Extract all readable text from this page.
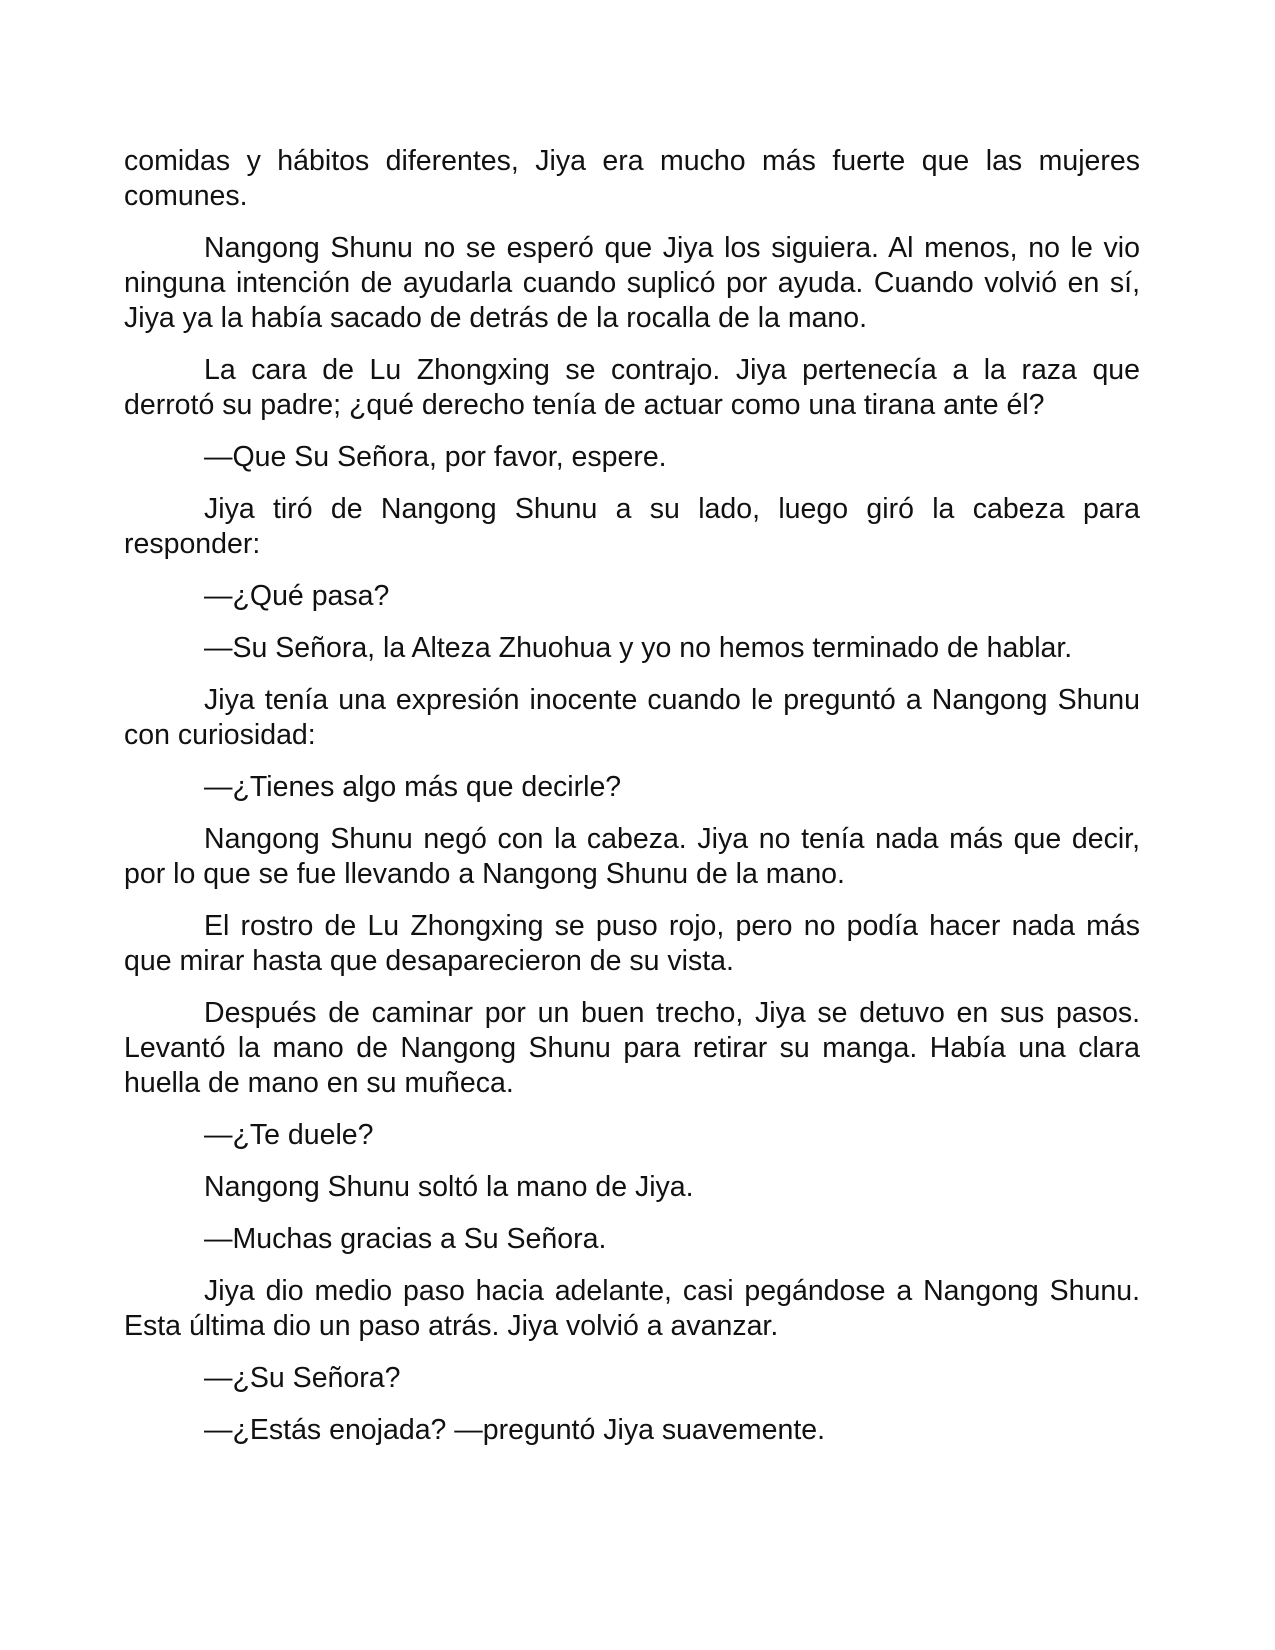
comidas y hábitos diferentes, Jiya era mucho más fuerte que las mujeres comunes.

Nangong Shunu no se esperó que Jiya los siguiera. Al menos, no le vio ninguna intención de ayudarla cuando suplicó por ayuda. Cuando volvió en sí, Jiya ya la había sacado de detrás de la rocalla de la mano.

La cara de Lu Zhongxing se contrajo. Jiya pertenecía a la raza que derrotó su padre; ¿qué derecho tenía de actuar como una tirana ante él?

—Que Su Señora, por favor, espere.

Jiya tiró de Nangong Shunu a su lado, luego giró la cabeza para responder:

—¿Qué pasa?

—Su Señora, la Alteza Zhuohua y yo no hemos terminado de hablar.

Jiya tenía una expresión inocente cuando le preguntó a Nangong Shunu con curiosidad:

—¿Tienes algo más que decirle?

Nangong Shunu negó con la cabeza. Jiya no tenía nada más que decir, por lo que se fue llevando a Nangong Shunu de la mano.

El rostro de Lu Zhongxing se puso rojo, pero no podía hacer nada más que mirar hasta que desaparecieron de su vista.

Después de caminar por un buen trecho, Jiya se detuvo en sus pasos. Levantó la mano de Nangong Shunu para retirar su manga. Había una clara huella de mano en su muñeca.

—¿Te duele?

Nangong Shunu soltó la mano de Jiya.

—Muchas gracias a Su Señora.

Jiya dio medio paso hacia adelante, casi pegándose a Nangong Shunu. Esta última dio un paso atrás. Jiya volvió a avanzar.

—¿Su Señora?

—¿Estás enojada? —preguntó Jiya suavemente.
